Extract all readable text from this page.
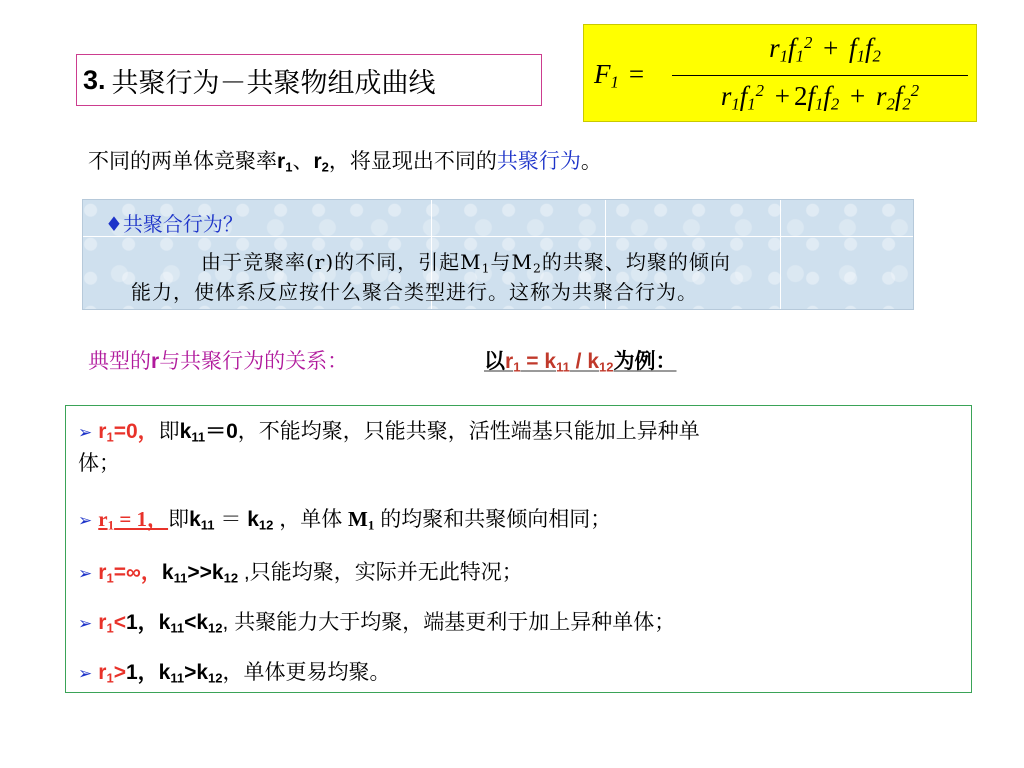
3. 共聚行为－共聚物组成曲线	$F_1$ =
$r_1f_1^2 + f_1f_2$
$r_1f_1^2 + 2f_1f_2 + r_2f_2^2$
不同的两单体竞聚率$r_1$、$r_2$，将显现出不同的共聚行为。
♦共聚合行为？
由于竞聚率(r)的不同，引起$M_1$与$M_2$的共聚、均聚的倾向
能力，使体系反应按什么聚合类型进行。这称为共聚合行为。
典型的r与共聚行为的关系：	以$r_1 = k_{11} / k_{12}$为例：
➢ $r_1=0$，即$k_{11}=0$，不能均聚，只能共聚，活性端基只能加上异种单
体；
➢ $r_1 = 1$，即$k_{11} = k_{12}$ ，单体 $M_1$ 的均聚和共聚倾向相同；
➢ $r_1=\infty$，$k_{11}>>k_{12}$ ,只能均聚，实际并无此特况；
➢ $r_1<1$，$k_{11}<k_{12}$, 共聚能力大于均聚，端基更利于加上异种单体；
➢ $r_1>1$，$k_{11}>k_{12}$，单体更易均聚。
